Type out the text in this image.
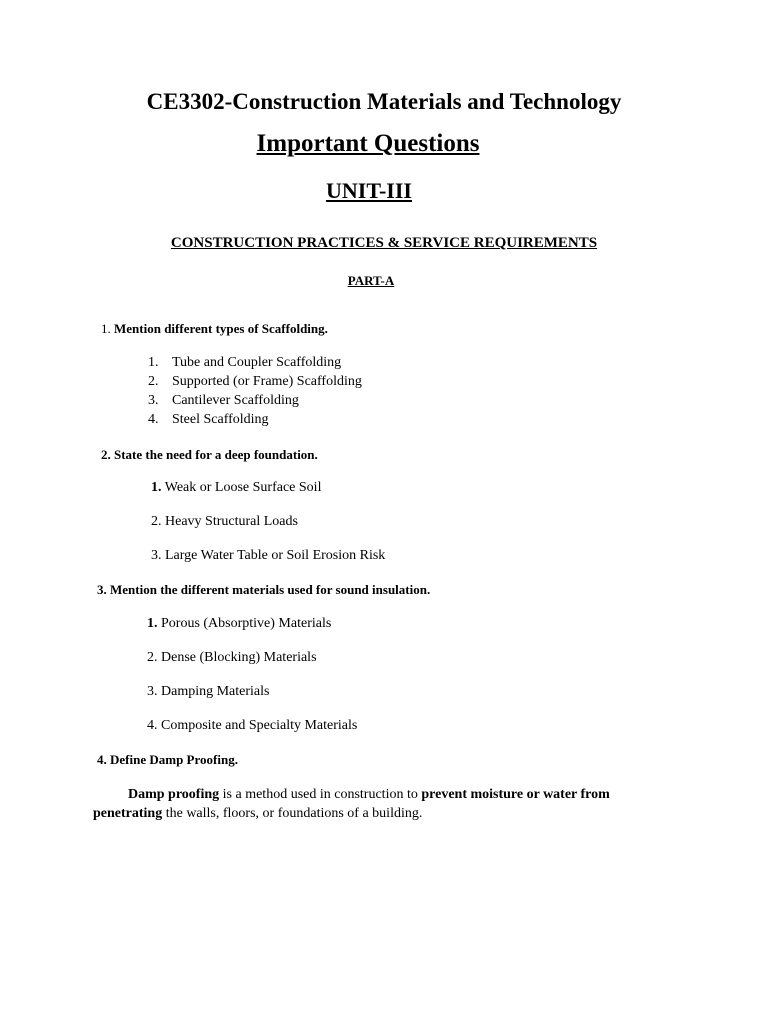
CE3302-Construction Materials and Technology
Important Questions
UNIT-III
CONSTRUCTION PRACTICES & SERVICE REQUIREMENTS
PART-A
1. Mention different types of Scaffolding.
1. Tube and Coupler Scaffolding
2. Supported (or Frame) Scaffolding
3. Cantilever Scaffolding
4. Steel Scaffolding
2. State the need for a deep foundation.
1. Weak or Loose Surface Soil
2. Heavy Structural Loads
3. Large Water Table or Soil Erosion Risk
3. Mention the different materials used for sound insulation.
1. Porous (Absorptive) Materials
2. Dense (Blocking) Materials
3. Damping Materials
4. Composite and Specialty Materials
4. Define Damp Proofing.
Damp proofing is a method used in construction to prevent moisture or water from penetrating the walls, floors, or foundations of a building.
